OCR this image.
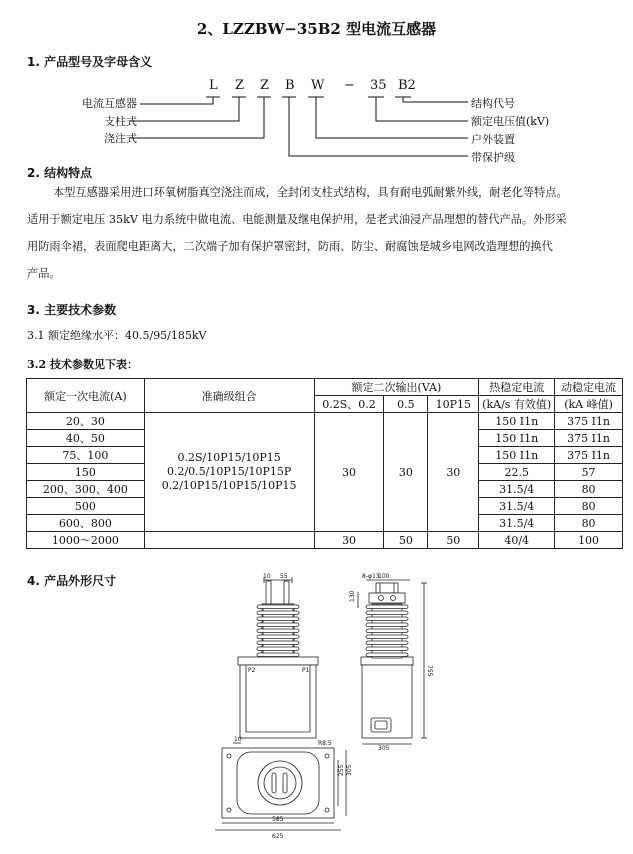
2、LZZBW−35B2 型电流互感器
1. 产品型号及字母含义
L Z Z B W − 35 B2
电流互感器
支柱式
浇注式
结构代号
额定电压值(kV)
户外装置
带保护级
2. 结构特点
本型互感器采用进口环氧树脂真空浇注而成，全封闭支柱式结构，具有耐电弧耐紫外线，耐老化等特点。
适用于额定电压 35kV 电力系统中做电流、电能测量及继电保护用，是老式油浸产品理想的替代产品。外形采
用防雨伞裙，表面爬电距离大，二次端子加有保护罩密封，防雨、防尘、耐腐蚀是城乡电网改造理想的换代
产品。
3. 主要技术参数
3.1 额定绝缘水平：40.5/95/185kV
3.2 技术参数见下表：
额定一次电流(A)	准确级组合	额定二次输出(VA)			热稳定电流	动稳定电流
		0.2S、0.2	0.5	10P15	(kA/s 有效值)	(kA 峰值)
20、30	0.2S/10P15/10P15
0.2/0.5/10P15/10P15P
0.2/10P15/10P15/10P15	30	30	30	150 I1n	375 I1n
40、50					150 I1n	375 I1n
75、100					150 I1n	375 I1n
150					22.5	57
200、300、400					31.5/4	80
500					31.5/4	80
600、800					31.5/4	80
1000～2000		30	50	50	40/4	100
4. 产品外形尺寸	10 55	8-φ13
100
755
130
P2	P1
10
R8.5
305
255 305
585
625
